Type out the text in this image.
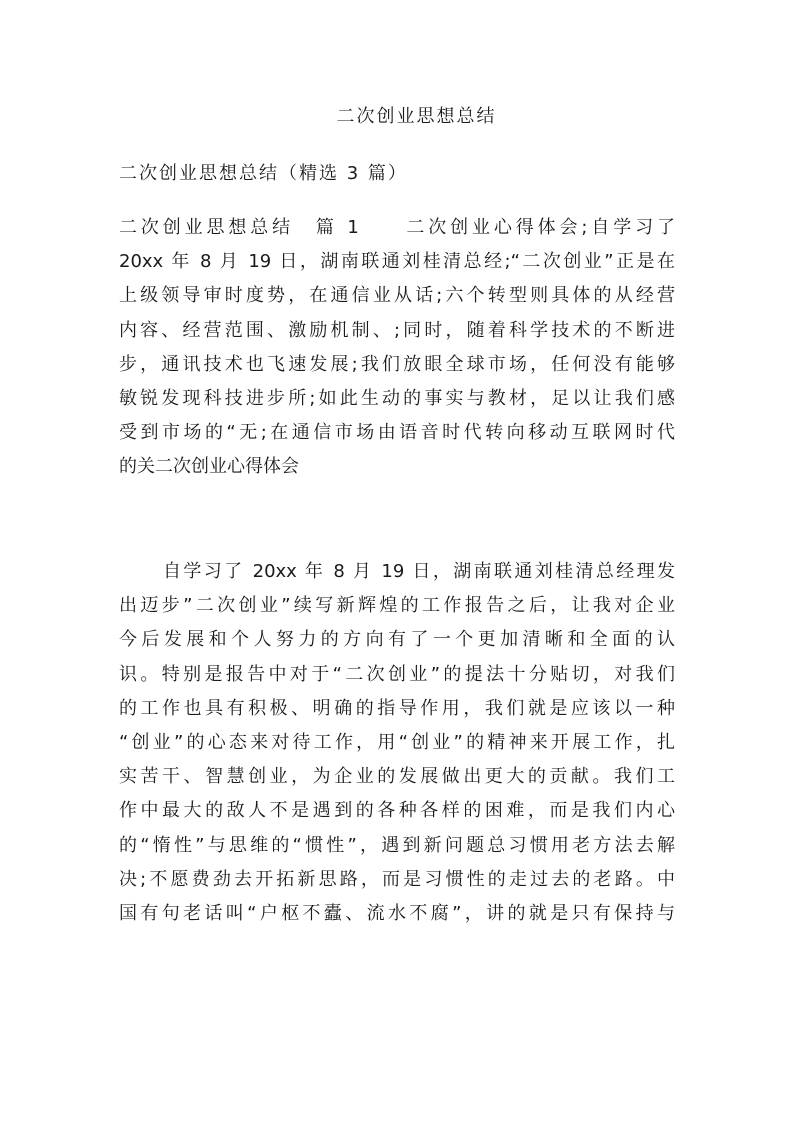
二次创业思想总结
二次创业思想总结（精选 3 篇）
二次创业思想总结　篇 1　　二次创业心得体会;自学习了
20xx 年 8 月 19 日，湖南联通刘桂清总经;“二次创业”正是在
上级领导审时度势，在通信业从话;六个转型则具体的从经营
内容、经营范围、激励机制、;同时，随着科学技术的不断进
步，通讯技术也飞速发展;我们放眼全球市场，任何没有能够
敏锐发现科技进步所;如此生动的事实与教材，足以让我们感
受到市场的“无;在通信市场由语音时代转向移动互联网时代
的关二次创业心得体会
自学习了 20xx 年 8 月 19 日，湖南联通刘桂清总经理发
出迈步”二次创业”续写新辉煌的工作报告之后，让我对企业
今后发展和个人努力的方向有了一个更加清晰和全面的认
识。特别是报告中对于“二次创业”的提法十分贴切，对我们
的工作也具有积极、明确的指导作用，我们就是应该以一种
“创业”的心态来对待工作，用“创业”的精神来开展工作，扎
实苦干、智慧创业，为企业的发展做出更大的贡献。我们工
作中最大的敌人不是遇到的各种各样的困难，而是我们内心
的“惰性”与思维的“惯性”，遇到新问题总习惯用老方法去解
决;不愿费劲去开拓新思路，而是习惯性的走过去的老路。中
国有句老话叫“户枢不蠹、流水不腐”，讲的就是只有保持与
